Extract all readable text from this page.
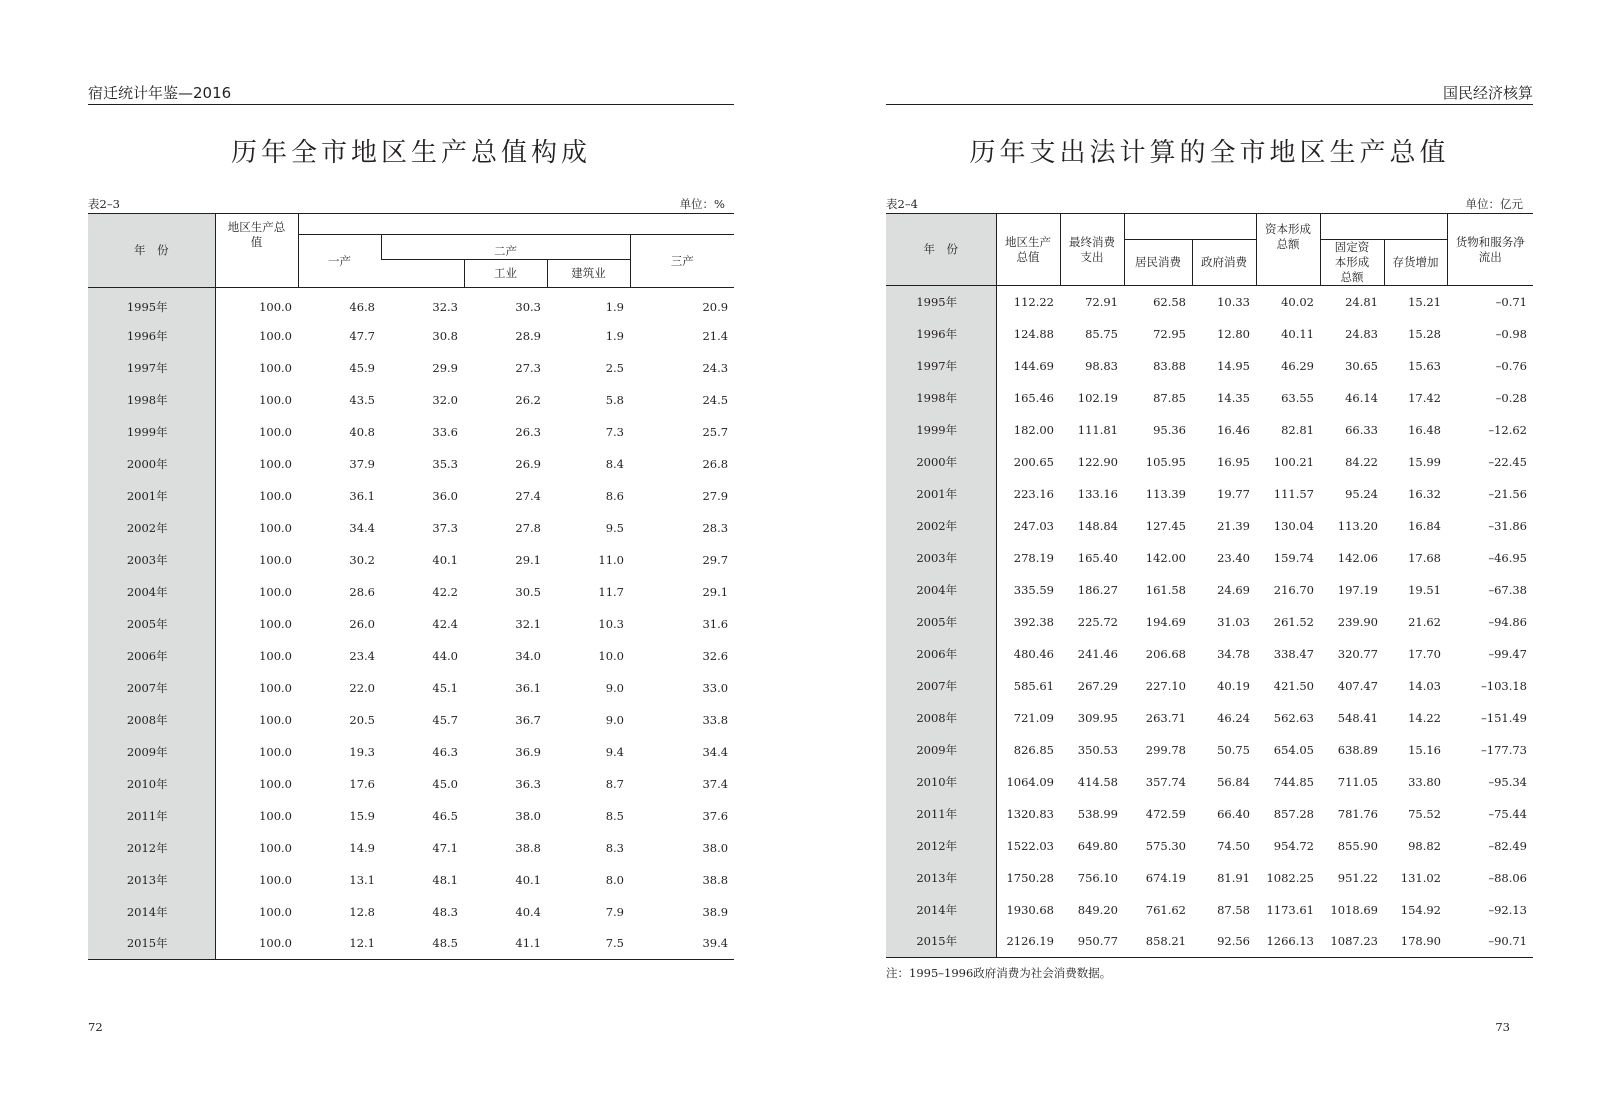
宿迁统计年鉴—2016
历年全市地区生产总值构成
表2–3	单位：%
年　份	地区生产总值					
		一产	二产			三产
				工业	建筑业	
1995年	100.0	46.8	32.3	30.3	1.9	20.9
1996年	100.0	47.7	30.8	28.9	1.9	21.4
1997年	100.0	45.9	29.9	27.3	2.5	24.3
1998年	100.0	43.5	32.0	26.2	5.8	24.5
1999年	100.0	40.8	33.6	26.3	7.3	25.7
2000年	100.0	37.9	35.3	26.9	8.4	26.8
2001年	100.0	36.1	36.0	27.4	8.6	27.9
2002年	100.0	34.4	37.3	27.8	9.5	28.3
2003年	100.0	30.2	40.1	29.1	11.0	29.7
2004年	100.0	28.6	42.2	30.5	11.7	29.1
2005年	100.0	26.0	42.4	32.1	10.3	31.6
2006年	100.0	23.4	44.0	34.0	10.0	32.6
2007年	100.0	22.0	45.1	36.1	9.0	33.0
2008年	100.0	20.5	45.7	36.7	9.0	33.8
2009年	100.0	19.3	46.3	36.9	9.4	34.4
2010年	100.0	17.6	45.0	36.3	8.7	37.4
2011年	100.0	15.9	46.5	38.0	8.5	37.6
2012年	100.0	14.9	47.1	38.8	8.3	38.0
2013年	100.0	13.1	48.1	40.1	8.0	38.8
2014年	100.0	12.8	48.3	40.4	7.9	38.9
2015年	100.0	12.1	48.5	41.1	7.5	39.4
72
国民经济核算
历年支出法计算的全市地区生产总值
表2–4	单位：亿元
年　份	地区生产总值	最终消费支出			资本形成总额			货物和服务净流出
			居民消费	政府消费		固定资本形成总额	存货增加	
1995年	112.22	72.91	62.58	10.33	40.02	24.81	15.21	–0.71
1996年	124.88	85.75	72.95	12.80	40.11	24.83	15.28	–0.98
1997年	144.69	98.83	83.88	14.95	46.29	30.65	15.63	–0.76
1998年	165.46	102.19	87.85	14.35	63.55	46.14	17.42	–0.28
1999年	182.00	111.81	95.36	16.46	82.81	66.33	16.48	–12.62
2000年	200.65	122.90	105.95	16.95	100.21	84.22	15.99	–22.45
2001年	223.16	133.16	113.39	19.77	111.57	95.24	16.32	–21.56
2002年	247.03	148.84	127.45	21.39	130.04	113.20	16.84	–31.86
2003年	278.19	165.40	142.00	23.40	159.74	142.06	17.68	–46.95
2004年	335.59	186.27	161.58	24.69	216.70	197.19	19.51	–67.38
2005年	392.38	225.72	194.69	31.03	261.52	239.90	21.62	–94.86
2006年	480.46	241.46	206.68	34.78	338.47	320.77	17.70	–99.47
2007年	585.61	267.29	227.10	40.19	421.50	407.47	14.03	–103.18
2008年	721.09	309.95	263.71	46.24	562.63	548.41	14.22	–151.49
2009年	826.85	350.53	299.78	50.75	654.05	638.89	15.16	–177.73
2010年	1064.09	414.58	357.74	56.84	744.85	711.05	33.80	–95.34
2011年	1320.83	538.99	472.59	66.40	857.28	781.76	75.52	–75.44
2012年	1522.03	649.80	575.30	74.50	954.72	855.90	98.82	–82.49
2013年	1750.28	756.10	674.19	81.91	1082.25	951.22	131.02	–88.06
2014年	1930.68	849.20	761.62	87.58	1173.61	1018.69	154.92	–92.13
2015年	2126.19	950.77	858.21	92.56	1266.13	1087.23	178.90	–90.71
注：1995–1996政府消费为社会消费数据。
73
